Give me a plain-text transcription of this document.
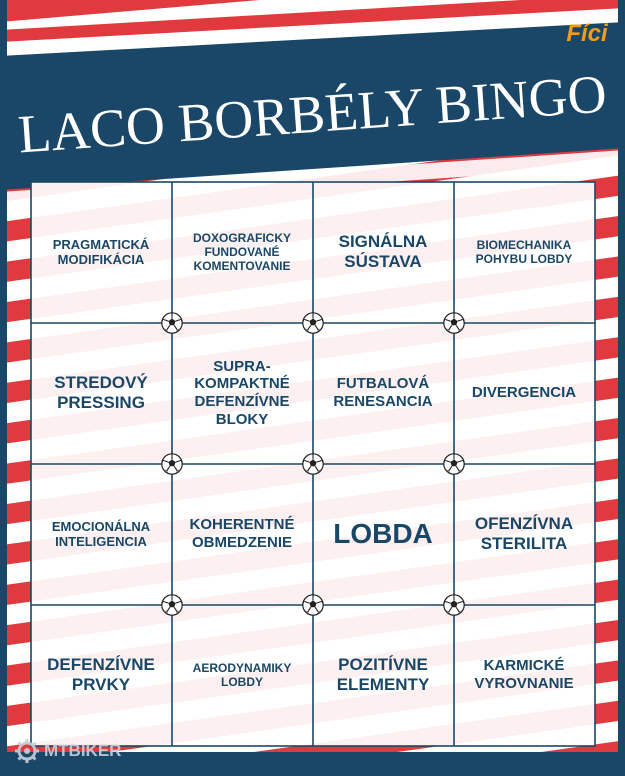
LACO BORBÉLY BINGO
Fíci
PRAGMATICKÁ MODIFIKÁCIA
DOXOGRAFICKY FUNDOVANÉ KOMENTOVANIE
SIGNÁLNA SÚSTAVA
BIOMECHANIKA POHYBU LOBDY
STREDOVÝ PRESSING
SUPRA-KOMPAKTNÉ DEFENZÍVNE BLOKY
FUTBALOVÁ RENESANCIA
DIVERGENCIA
EMOCIONÁLNA INTELIGENCIA
KOHERENTNÉ OBMEDZENIE	LOBDA	OFENZÍVNA STERILITA
DEFENZÍVNE PRVKY
AERODYNAMIKY LOBDY
POZITÍVNE ELEMENTY
KARMICKÉ VYROVNANIE
MTBIKER
